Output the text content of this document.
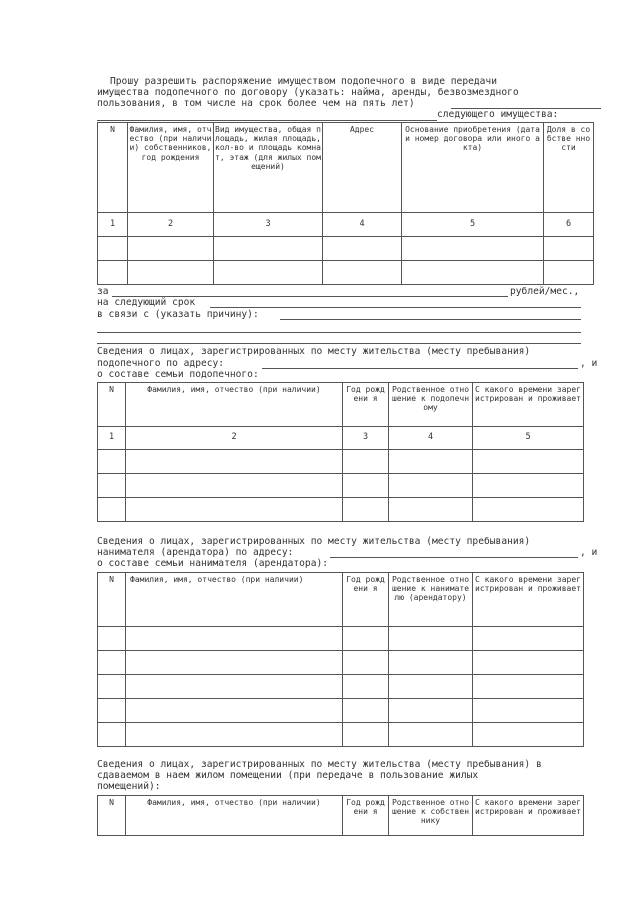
Прошу разрешить распоряжение имуществом подопечного в виде передачи
имущества подопечного по договору (указать: найма, аренды, безвозмездного
пользования, в том числе на срок более чем на пять лет)
следующего имущества:
N	Фамилия, имя, отчество (при наличии) собственников, год рождения	Вид имущества, общая площадь, жилая площадь, кол-во и площадь комнат, этаж (для жилых помещений)	Адрес	Основание приобретения (дата и номер договора или иного акта)	Доля в собстве нности
1	2	3	4	5	6

за	рублей/мес.,
на следующий срок
в связи с (указать причину):
Сведения о лицах, зарегистрированных по месту жительства (месту пребывания)
подопечного по адресу:	, и
о составе семьи подопечного:
N	Фамилия, имя, отчество (при наличии)	Год рождени я	Родственное отношение к подопечному	С какого времени зарегистрирован и проживает
1	2	3	4	5

Сведения о лицах, зарегистрированных по месту жительства (месту пребывания)
нанимателя (арендатора) по адресу:	, и
о составе семьи нанимателя (арендатора):
N	Фамилия, имя, отчество (при наличии)	Год рождени я	Родственное отношение к нанимателю (арендатору)	С какого времени зарегистрирован и проживает

Сведения о лицах, зарегистрированных по месту жительства (месту пребывания) в
сдаваемом в наем жилом помещении (при передаче в пользование жилых
помещений):
N	Фамилия, имя, отчество (при наличии)	Год рождени я	Родственное отношение к собственнику	С какого времени зарегистрирован и проживает
